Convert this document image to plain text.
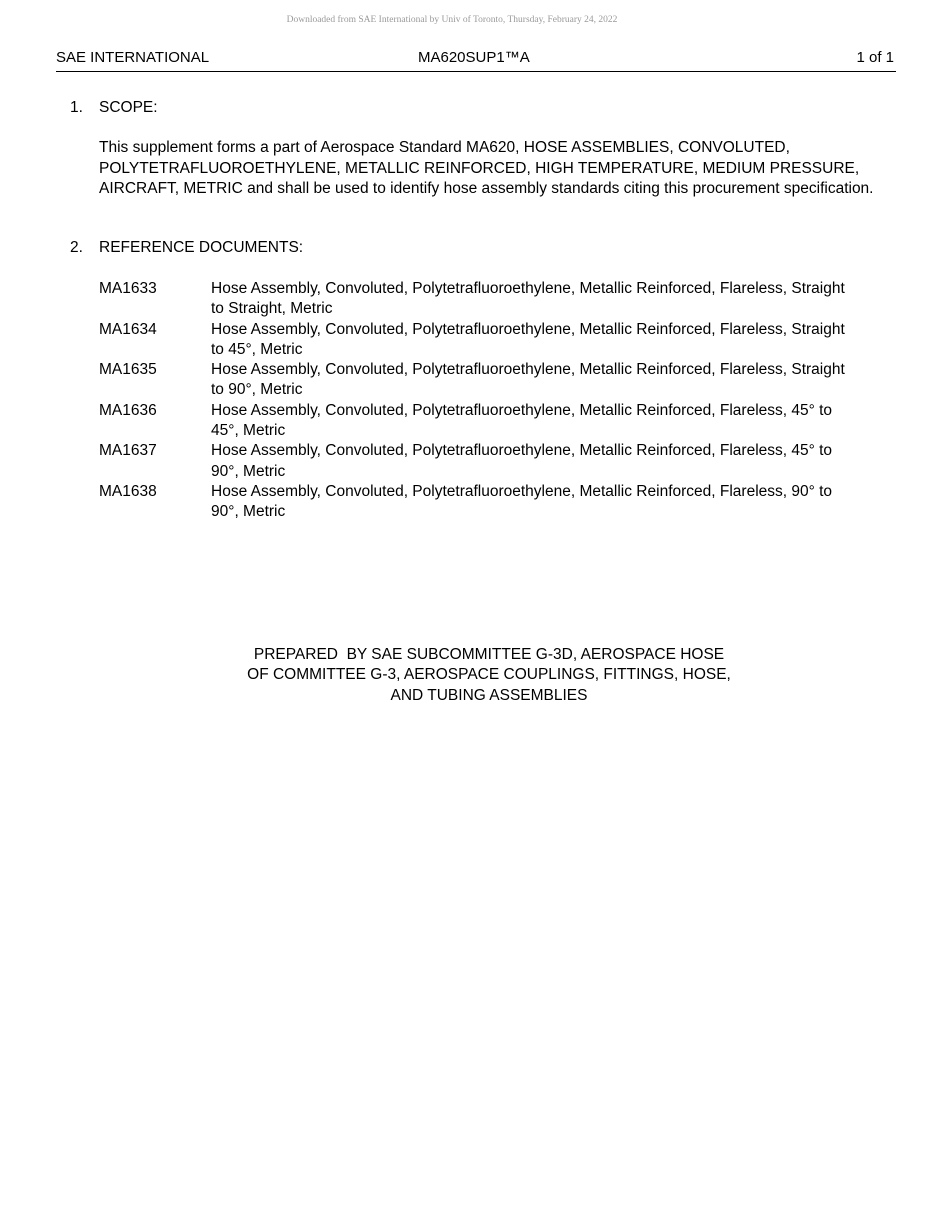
Downloaded from SAE International by Univ of Toronto, Thursday, February 24, 2022
SAE INTERNATIONAL	MA620SUP1™A	1 of 1
1. SCOPE:
This supplement forms a part of Aerospace Standard MA620, HOSE ASSEMBLIES, CONVOLUTED, POLYTETRAFLUOROETHYLENE, METALLIC REINFORCED, HIGH TEMPERATURE, MEDIUM PRESSURE, AIRCRAFT, METRIC and shall be used to identify hose assembly standards citing this procurement specification.
2. REFERENCE DOCUMENTS:
MA1633	Hose Assembly, Convoluted, Polytetrafluoroethylene, Metallic Reinforced, Flareless, Straight to Straight, Metric
MA1634	Hose Assembly, Convoluted, Polytetrafluoroethylene, Metallic Reinforced, Flareless, Straight to 45°, Metric
MA1635	Hose Assembly, Convoluted, Polytetrafluoroethylene, Metallic Reinforced, Flareless, Straight to 90°, Metric
MA1636	Hose Assembly, Convoluted, Polytetrafluoroethylene, Metallic Reinforced, Flareless, 45° to 45°, Metric
MA1637	Hose Assembly, Convoluted, Polytetrafluoroethylene, Metallic Reinforced, Flareless, 45° to 90°, Metric
MA1638	Hose Assembly, Convoluted, Polytetrafluoroethylene, Metallic Reinforced, Flareless, 90° to 90°, Metric
PREPARED  BY SAE SUBCOMMITTEE G-3D, AEROSPACE HOSE
OF COMMITTEE G-3, AEROSPACE COUPLINGS, FITTINGS, HOSE,
AND TUBING ASSEMBLIES
